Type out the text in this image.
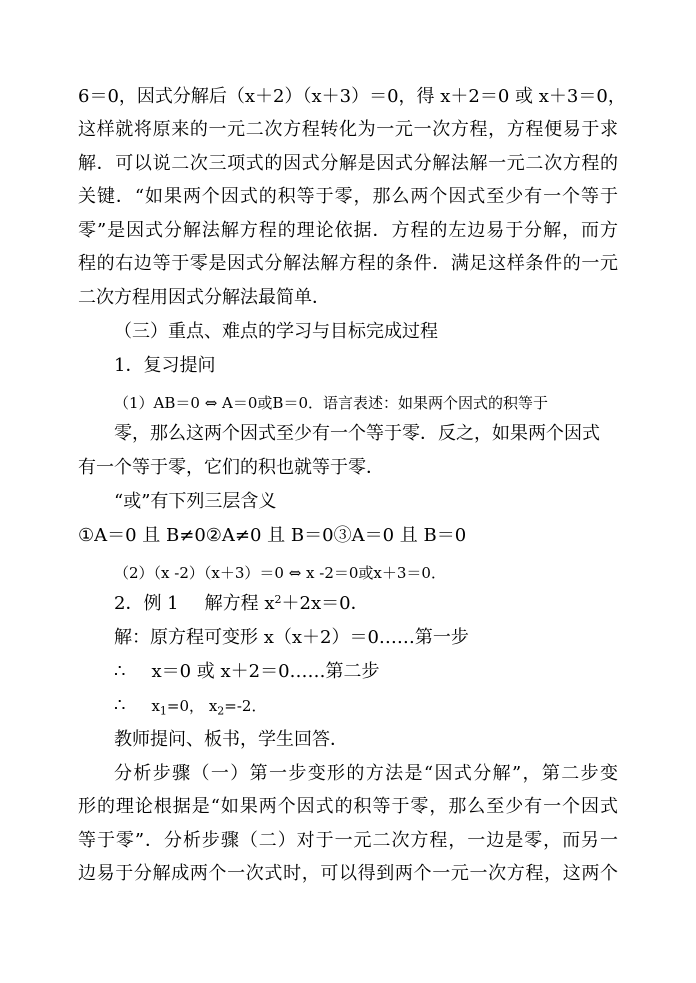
6＝0，因式分解后（x＋2）（x＋3）＝0，得 x＋2＝0 或 x＋3＝0，
这样就将原来的一元二次方程转化为一元一次方程，方程便易于求
解．可以说二次三项式的因式分解是因式分解法解一元二次方程的
关键．“如果两个因式的积等于零，那么两个因式至少有一个等于
零”是因式分解法解方程的理论依据．方程的左边易于分解，而方
程的右边等于零是因式分解法解方程的条件．满足这样条件的一元
二次方程用因式分解法最简单．
（三）重点、难点的学习与目标完成过程
1．复习提问
（1）AB＝0 ⇔ A＝0或B＝0．语言表述：如果两个因式的积等于
零，那么这两个因式至少有一个等于零．反之，如果两个因式
有一个等于零，它们的积也就等于零．
“或”有下列三层含义
①A＝0 且 B≠0②A≠0 且 B＝0③A＝0 且 B＝0
（2）（x -2）（x＋3）＝0 ⇔ x -2＝0或x＋3＝0．
2．例 1 解方程 $x^2+2x=0$．
解：原方程可变形 x（x＋2）＝0……第一步
∴ x＝0 或 x＋2＝0……第二步
∴ $x_1=0$， $x_2=-2$．
教师提问、板书，学生回答．
分析步骤（一）第一步变形的方法是“因式分解”，第二步变
形的理论根据是“如果两个因式的积等于零，那么至少有一个因式
等于零”．分析步骤（二）对于一元二次方程，一边是零，而另一
边易于分解成两个一次式时，可以得到两个一元一次方程，这两个
